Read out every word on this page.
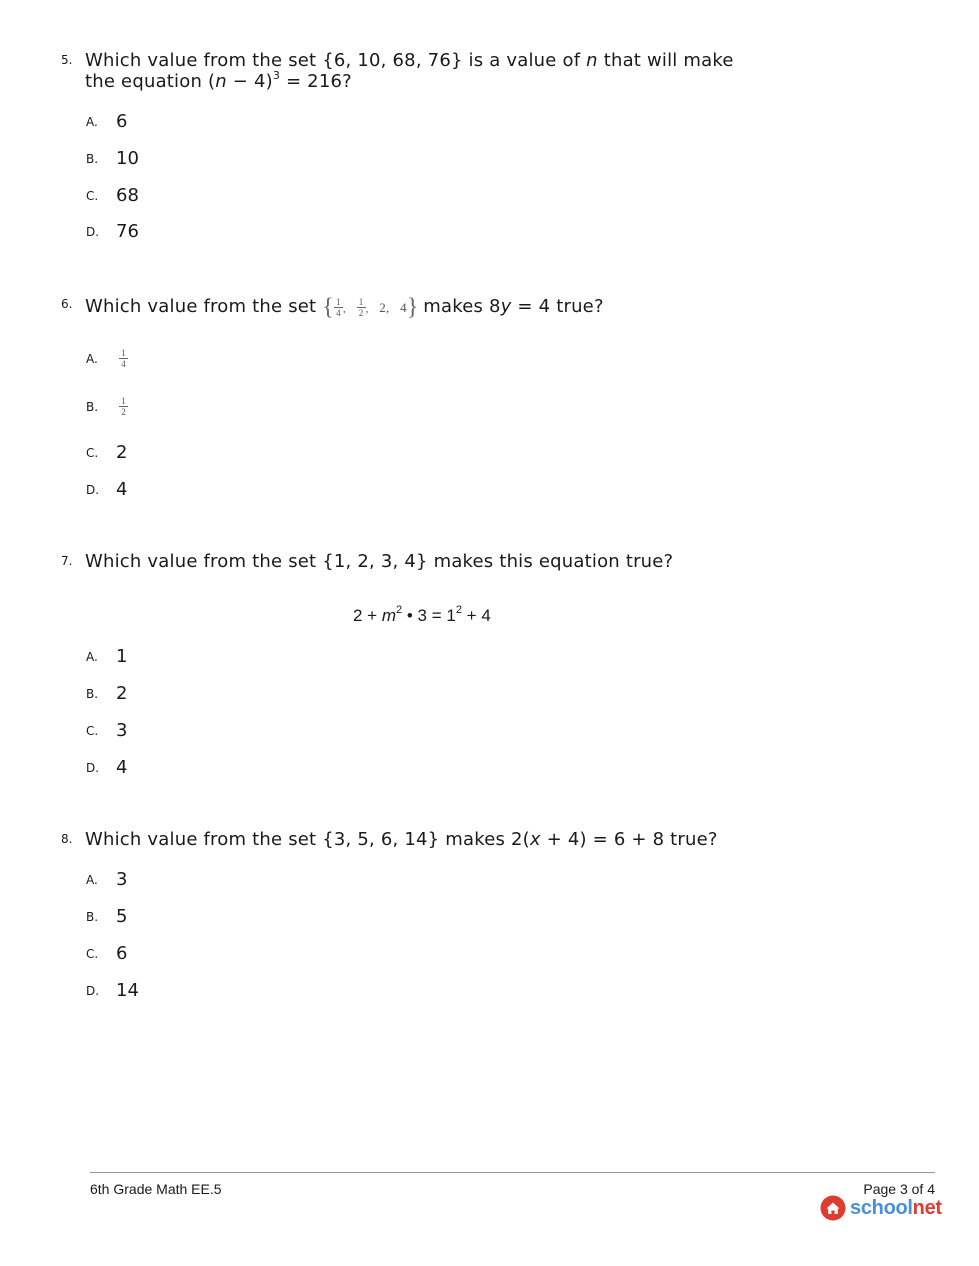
5. Which value from the set {6, 10, 68, 76} is a value of n that will make
the equation $(n - 4)^3 = 216$?
A. 6
B. 10
C. 68
D. 76
6. Which value from the set { $\frac{1}{4}$ , $\frac{1}{2}$ , 2, 4} makes 8y = 4 true?
A.	1
4
B.	1
2
C. 2
D. 4
7. Which value from the set {1, 2, 3, 4} makes this equation true?
$2 + m^2$ • $3 = 1^2 + 4$
A. 1
B. 2
C. 3
D. 4
8. Which value from the set {3, 5, 6, 14} makes 2(x + 4) = 6 + 8 true?
A. 3
B. 5
C. 6
D. 14
6th Grade Math EE.5	Page 3 of 4
schoolnet
